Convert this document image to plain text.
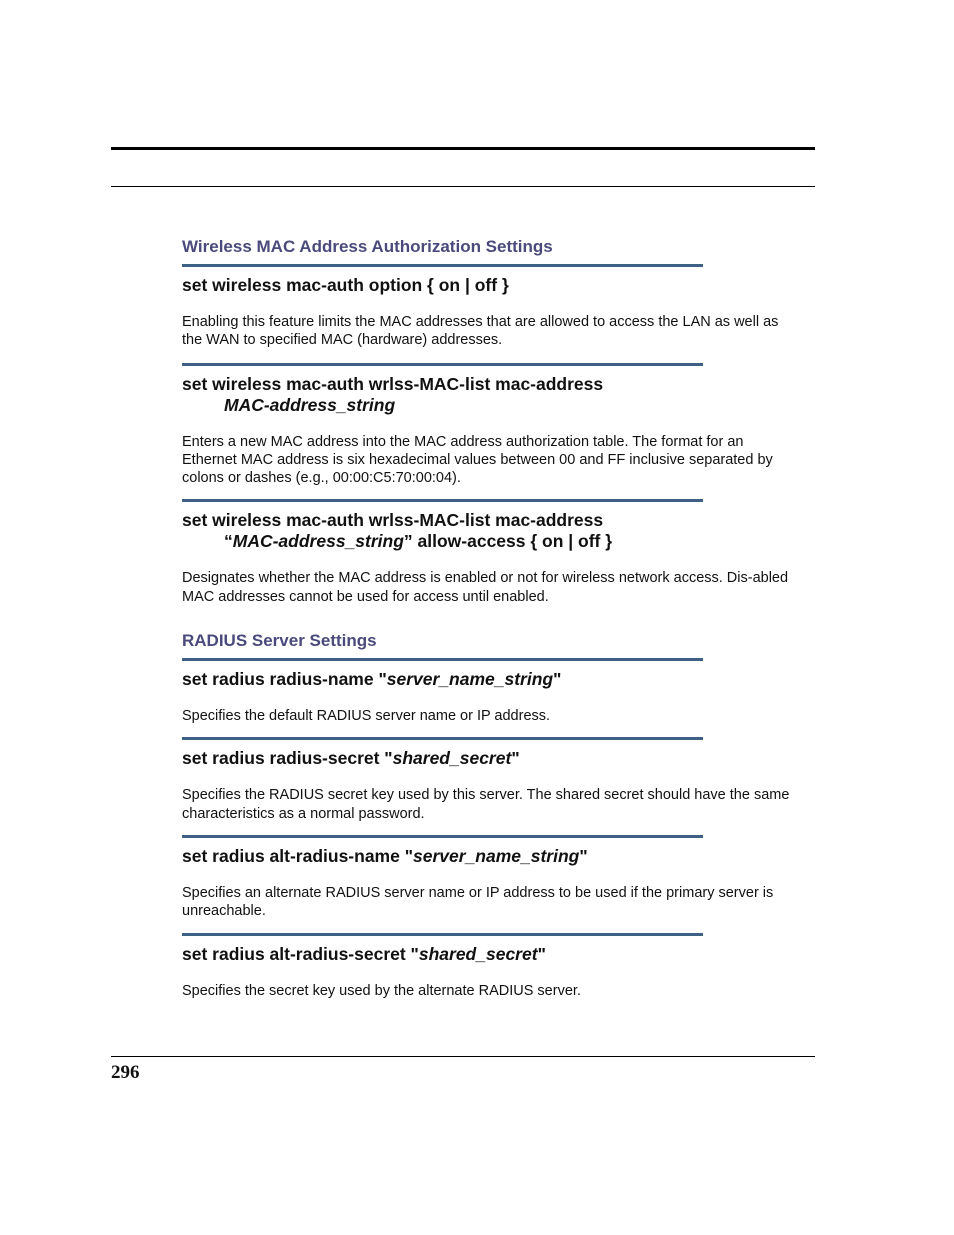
Wireless MAC Address Authorization Settings

set wireless mac-auth option { on | off }

Enabling this feature limits the MAC addresses that are allowed to access the LAN as well as the WAN to specified MAC (hardware) addresses.

set wireless mac-auth wrlss-MAC-list mac-address
MAC-address_string

Enters a new MAC address into the MAC address authorization table. The format for an Ethernet MAC address is six hexadecimal values between 00 and FF inclusive separated by colons or dashes (e.g., 00:00:C5:70:00:04).

set wireless mac-auth wrlss-MAC-list mac-address
“MAC-address_string” allow-access { on | off }

Designates whether the MAC address is enabled or not for wireless network access. Dis-abled MAC addresses cannot be used for access until enabled.

RADIUS Server Settings

set radius radius-name "server_name_string"

Specifies the default RADIUS server name or IP address.

set radius radius-secret "shared_secret"

Specifies the RADIUS secret key used by this server. The shared secret should have the same characteristics as a normal password.

set radius alt-radius-name "server_name_string"

Specifies an alternate RADIUS server name or IP address to be used if the primary server is unreachable.

set radius alt-radius-secret "shared_secret"

Specifies the secret key used by the alternate RADIUS server.

296
